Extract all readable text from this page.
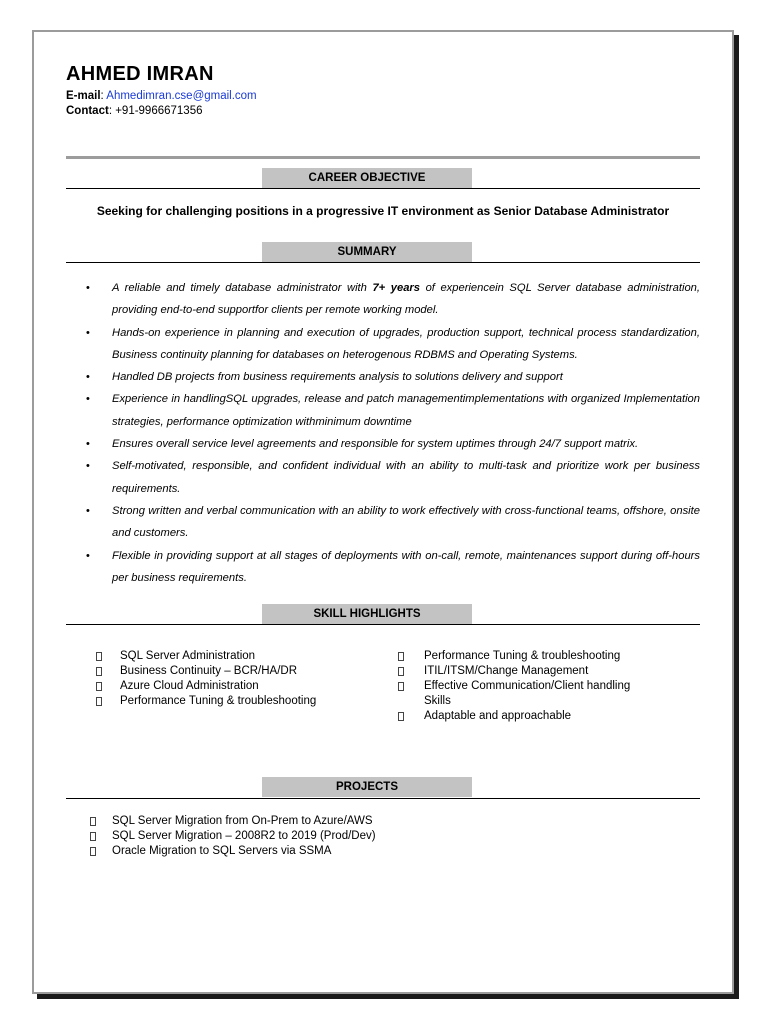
AHMED IMRAN
E-mail: Ahmedimran.cse@gmail.com
Contact: +91-9966671356
CAREER OBJECTIVE
Seeking for challenging positions in a progressive IT environment as Senior Database Administrator
SUMMARY
• A reliable and timely database administrator with 7+ years of experiencein SQL Server database administration, providing end-to-end supportfor clients per remote working model.
• Hands-on experience in planning and execution of upgrades, production support, technical process standardization, Business continuity planning for databases on heterogenous RDBMS and Operating Systems.
• Handled DB projects from business requirements analysis to solutions delivery and support
• Experience in handlingSQL upgrades, release and patch managementimplementations with organized Implementation strategies, performance optimization withminimum downtime
• Ensures overall service level agreements and responsible for system uptimes through 24/7 support matrix.
• Self-motivated, responsible, and confident individual with an ability to multi-task and prioritize work per business requirements.
• Strong written and verbal communication with an ability to work effectively with cross-functional teams, offshore, onsite and customers.
• Flexible in providing support at all stages of deployments with on-call, remote, maintenances support during off-hours per business requirements.
SKILL HIGHLIGHTS
SQL Server Administration
Business Continuity – BCR/HA/DR
Azure Cloud Administration
Performance Tuning & troubleshooting
Performance Tuning & troubleshooting
ITIL/ITSM/Change Management
Effective Communication/Client handling Skills
Adaptable and approachable
PROJECTS
SQL Server Migration from On-Prem to Azure/AWS
SQL Server Migration – 2008R2 to 2019 (Prod/Dev)
Oracle Migration to SQL Servers via SSMA
